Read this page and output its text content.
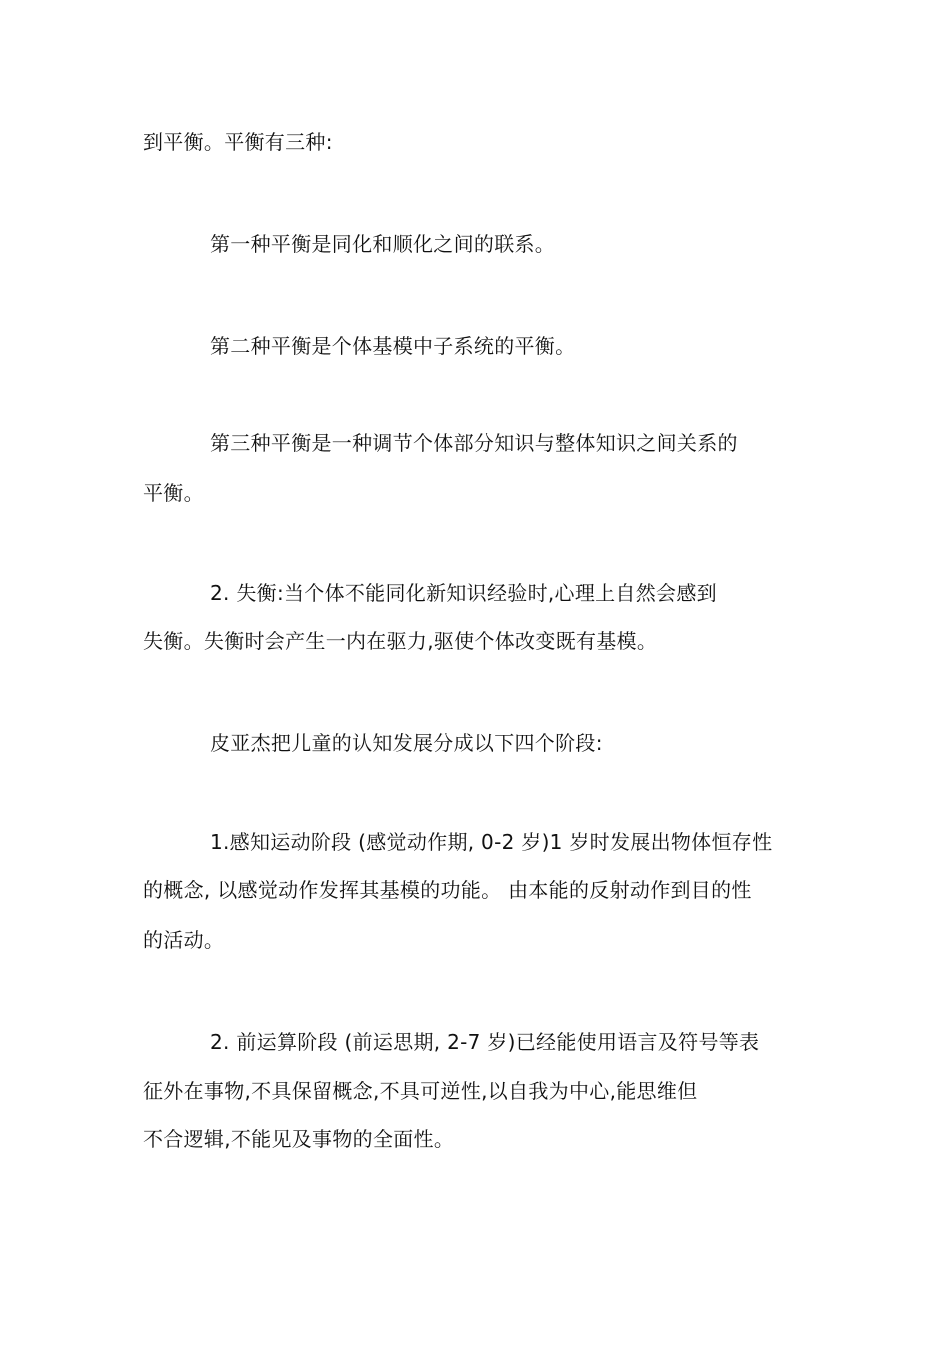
到平衡。平衡有三种:
第一种平衡是同化和顺化之间的联系。
第二种平衡是个体基模中子系统的平衡。
第三种平衡是一种调节个体部分知识与整体知识之间关系的
平衡。
2. 失衡:当个体不能同化新知识经验时,心理上自然会感到
失衡。失衡时会产生一内在驱力,驱使个体改变既有基模。
皮亚杰把儿童的认知发展分成以下四个阶段:
1.感知运动阶段 (感觉动作期, 0-2 岁)1 岁时发展出物体恒存性
的概念, 以感觉动作发挥其基模的功能。 由本能的反射动作到目的性
的活动。
2. 前运算阶段 (前运思期, 2-7 岁)已经能使用语言及符号等表
征外在事物,不具保留概念,不具可逆性,以自我为中心,能思维但
不合逻辑,不能见及事物的全面性。
